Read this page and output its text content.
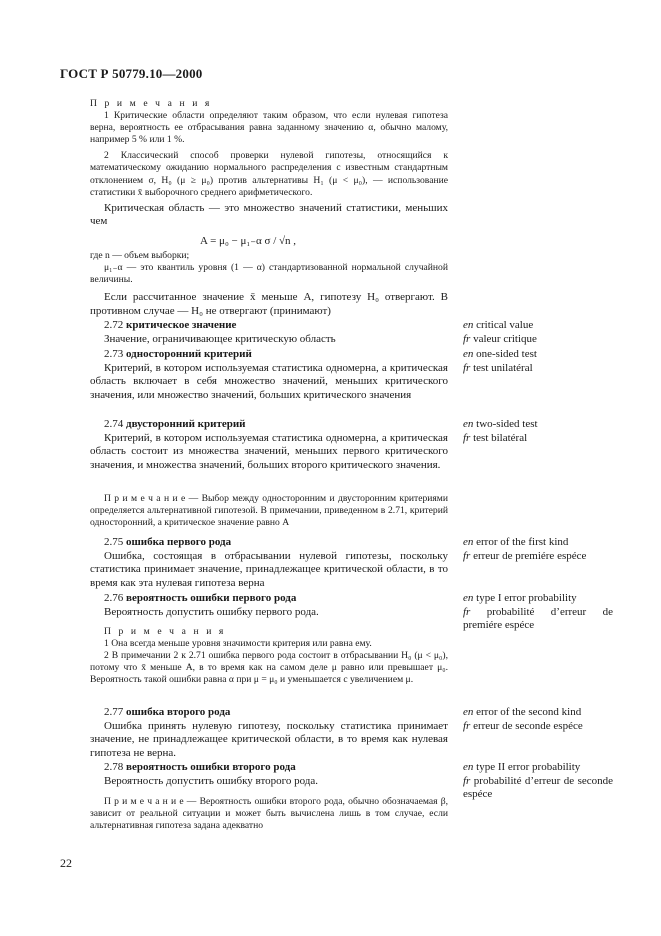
ГОСТ Р 50779.10—2000
П р и м е ч а н и я
1 Критические области определяют таким образом, что если нулевая гипотеза верна, вероятность ее отбрасывания равна заданному значению α, обычно малому, например 5 % или 1 %.
2 Классический способ проверки нулевой гипотезы, относящийся к математическому ожиданию нормального распределения с известным стандартным отклонением σ, H₀ (μ ≥ μ₀) против альтернативы H₁ (μ < μ₀), — использование статистики x̄ выборочного среднего арифметического.
Критическая область — это множество значений статистики, меньших чем
A = μ₀ − μ₁₋α σ / √n ,
где n — объем выборки;
μ₁₋α — это квантиль уровня (1 — α) стандартизованной нормальной случайной величины.
Если рассчитанное значение x̄ меньше A, гипотезу H₀ отвергают. В противном случае — H₀ не отвергают (принимают)
2.72 критическое значение
Значение, ограничивающее критическую область
en critical value
fr valeur critique
2.73 односторонний критерий
Критерий, в котором используемая статистика одномерна, а критическая область включает в себя множество значений, меньших критического значения, или множество значений, больших критического значения
en one-sided test
fr test unilatéral
2.74 двусторонний критерий
Критерий, в котором используемая статистика одномерна, а критическая область состоит из множества значений, меньших первого критического значения, и множества значений, больших второго критического значения.
en two-sided test
fr test bilatéral
П р и м е ч а н и е — Выбор между односторонним и двусторонним критериями определяется альтернативной гипотезой. В примечании, приведенном в 2.71, критерий односторонний, а критическое значение равно A
2.75 ошибка первого рода
Ошибка, состоящая в отбрасывании нулевой гипотезы, поскольку статистика принимает значение, принадлежащее критической области, в то время как эта нулевая гипотеза верна
en error of the first kind
fr erreur de premiére espéce
2.76 вероятность ошибки первого рода
Вероятность допустить ошибку первого рода.
en type I error probability
fr probabilité d’erreur de premiére espéce
П р и м е ч а н и я
1 Она всегда меньше уровня значимости критерия или равна ему.
2 В примечании 2 к 2.71 ошибка первого рода состоит в отбрасывании H₀ (μ < μ₀), потому что x̄ меньше A, в то время как на самом деле μ равно или превышает μ₀. Вероятность такой ошибки равна α при μ = μ₀ и уменьшается с увеличением μ.
2.77 ошибка второго рода
Ошибка принять нулевую гипотезу, поскольку статистика принимает значение, не принадлежащее критической области, в то время как нулевая гипотеза не верна.
en error of the second kind
fr erreur de seconde espéce
2.78 вероятность ошибки второго рода
Вероятность допустить ошибку второго рода.
en type II error probability
fr probabilité d’erreur de seconde espéce
П р и м е ч а н и е — Вероятность ошибки второго рода, обычно обозначаемая β, зависит от реальной ситуации и может быть вычислена лишь в том случае, если альтернативная гипотеза задана адекватно
22
